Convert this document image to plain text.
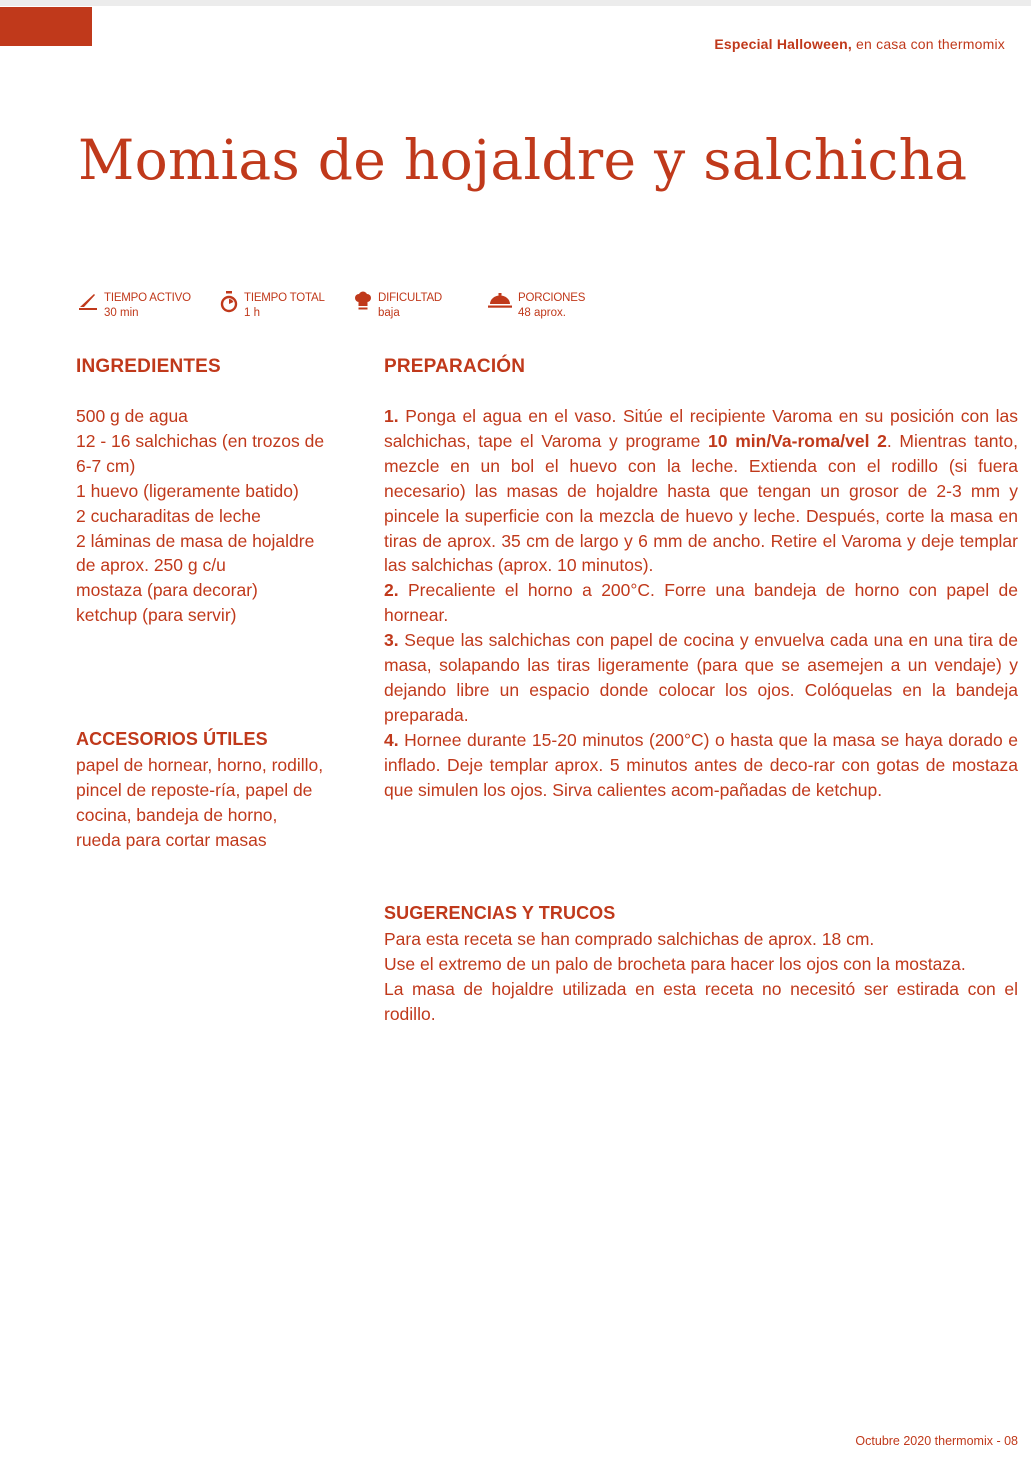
Especial Halloween, en casa con thermomix
Momias de hojaldre y salchicha
TIEMPO ACTIVO
30 min
TIEMPO TOTAL
1 h
DIFICULTAD
baja
PORCIONES
48 aprox.
INGREDIENTES	PREPARACIÓN
500 g de agua
12 - 16 salchichas (en trozos de 6-7 cm)
1 huevo (ligeramente batido)
2 cucharaditas de leche
2 láminas de masa de hojaldre de aprox. 250 g c/u
mostaza (para decorar)
ketchup (para servir)
ACCESORIOS ÚTILES
papel de hornear, horno, rodillo, pincel de reposte-ría, papel de cocina, bandeja de horno, rueda para cortar masas

1. Ponga el agua en el vaso. Sitúe el recipiente Varoma en su posición con las salchichas, tape el Varoma y programe 10 min/Va-roma/vel 2. Mientras tanto, mezcle en un bol el huevo con la leche. Extienda con el rodillo (si fuera necesario) las masas de hojaldre hasta que tengan un grosor de 2-3 mm y pincele la superficie con la mezcla de huevo y leche. Después, corte la masa en tiras de aprox. 35 cm de largo y 6 mm de ancho. Retire el Varoma y deje templar las salchichas (aprox. 10 minutos).

2. Precaliente el horno a 200°C. Forre una bandeja de horno con papel de hornear.

3. Seque las salchichas con papel de cocina y envuelva cada una en una tira de masa, solapando las tiras ligeramente (para que se asemejen a un vendaje) y dejando libre un espacio donde colocar los ojos. Colóquelas en la bandeja preparada.

4. Hornee durante 15-20 minutos (200°C) o hasta que la masa se haya dorado e inflado. Deje templar aprox. 5 minutos antes de deco-rar con gotas de mostaza que simulen los ojos. Sirva calientes acom-pañadas de ketchup.

SUGERENCIAS Y TRUCOS

Para esta receta se han comprado salchichas de aprox. 18 cm.

Use el extremo de un palo de brocheta para hacer los ojos con la mostaza.

La masa de hojaldre utilizada en esta receta no necesitó ser estirada con el rodillo.

Octubre 2020 thermomix - 08
